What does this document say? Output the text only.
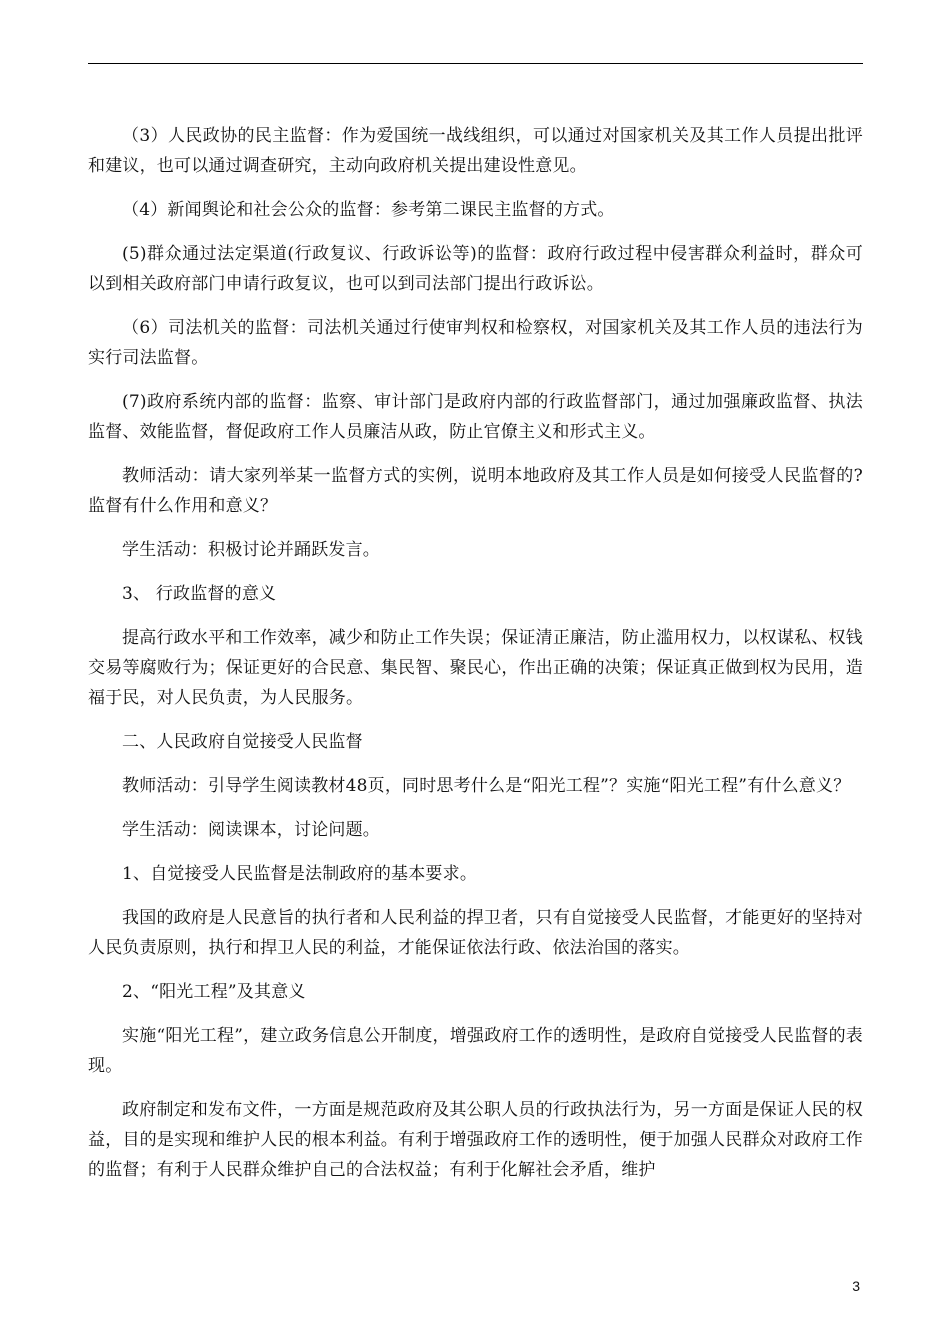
（3）人民政协的民主监督：作为爱国统一战线组织，可以通过对国家机关及其工作人员提出批评和建议，也可以通过调查研究，主动向政府机关提出建设性意见。

（4）新闻舆论和社会公众的监督：参考第二课民主监督的方式。

(5)群众通过法定渠道(行政复议、行政诉讼等)的监督：政府行政过程中侵害群众利益时，群众可以到相关政府部门申请行政复议，也可以到司法部门提出行政诉讼。

（6）司法机关的监督：司法机关通过行使审判权和检察权，对国家机关及其工作人员的违法行为实行司法监督。

(7)政府系统内部的监督：监察、审计部门是政府内部的行政监督部门，通过加强廉政监督、执法监督、效能监督，督促政府工作人员廉洁从政，防止官僚主义和形式主义。

教师活动：请大家列举某一监督方式的实例，说明本地政府及其工作人员是如何接受人民监督的?监督有什么作用和意义？

学生活动：积极讨论并踊跃发言。

3、 行政监督的意义

提高行政水平和工作效率，减少和防止工作失误；保证清正廉洁，防止滥用权力，以权谋私、权钱交易等腐败行为；保证更好的合民意、集民智、聚民心，作出正确的决策；保证真正做到权为民用，造福于民，对人民负责，为人民服务。

二、人民政府自觉接受人民监督

教师活动：引导学生阅读教材48页，同时思考什么是“阳光工程”？实施“阳光工程”有什么意义？

学生活动：阅读课本，讨论问题。

1、自觉接受人民监督是法制政府的基本要求。

我国的政府是人民意旨的执行者和人民利益的捍卫者，只有自觉接受人民监督，才能更好的坚持对人民负责原则，执行和捍卫人民的利益，才能保证依法行政、依法治国的落实。

2、“阳光工程”及其意义

实施“阳光工程”，建立政务信息公开制度，增强政府工作的透明性，是政府自觉接受人民监督的表现。

政府制定和发布文件，一方面是规范政府及其公职人员的行政执法行为，另一方面是保证人民的权益，目的是实现和维护人民的根本利益。有利于增强政府工作的透明性，便于加强人民群众对政府工作的监督；有利于人民群众维护自己的合法权益；有利于化解社会矛盾，维护

3
